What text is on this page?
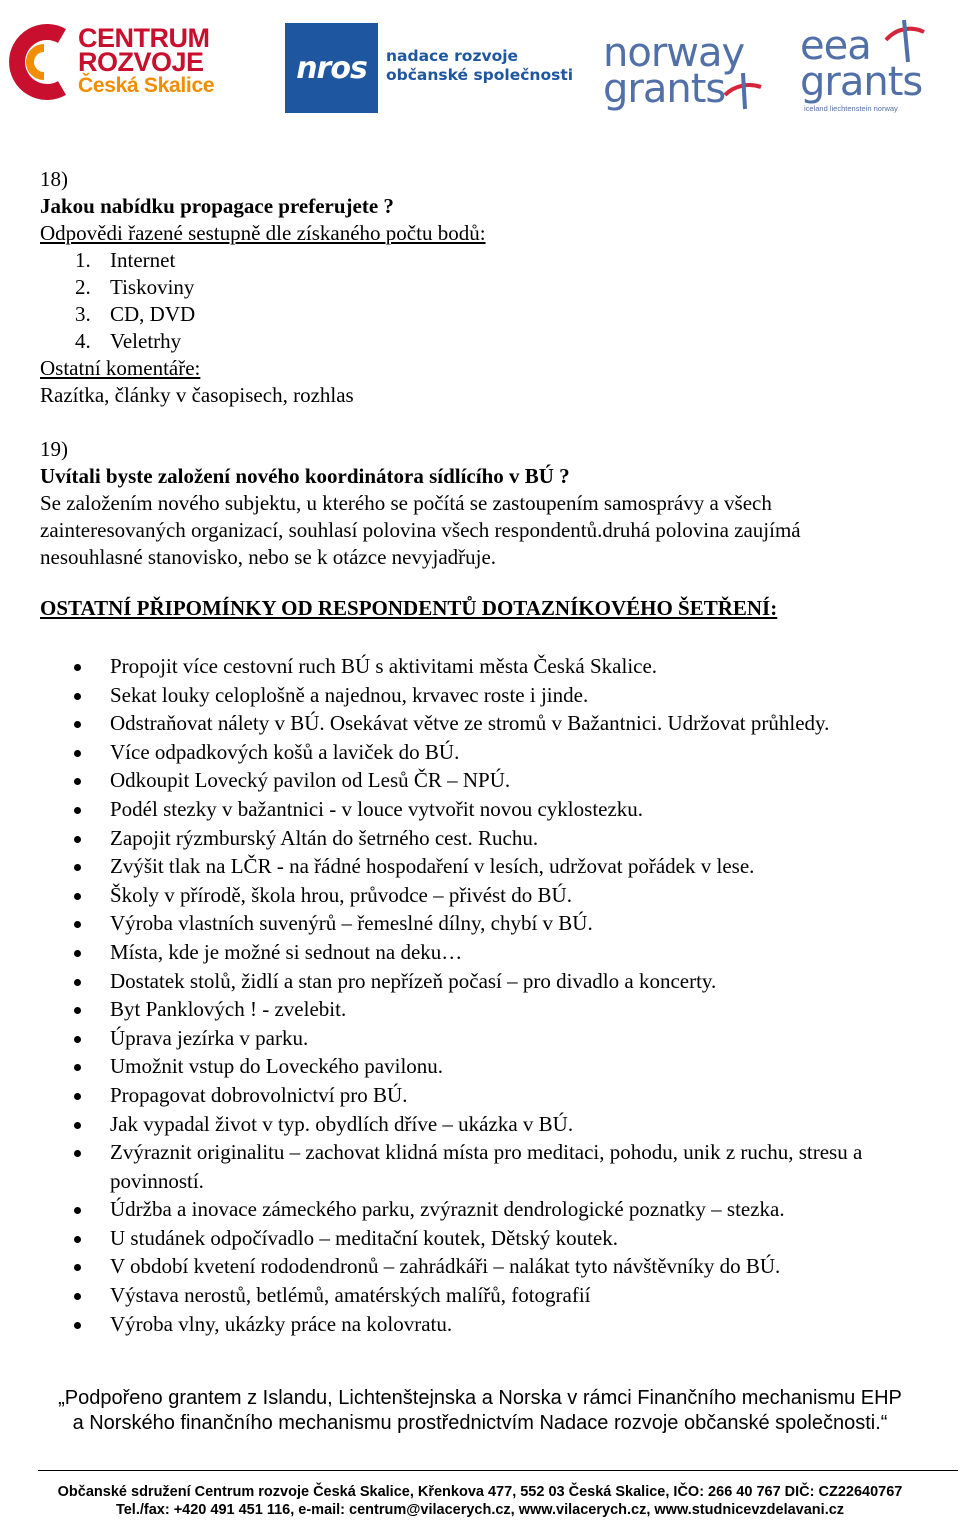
CENTRUM
ROZVOJE
Česká Skalice	nros	nadace rozvoje
občanské společnosti norway
grants
eea
grants
iceland liechtenstein norway
18)
Jakou nabídku propagace preferujete ?
Odpovědi řazené sestupně dle získaného počtu bodů:
1. Internet
2. Tiskoviny
3. CD, DVD
4. Veletrhy
Ostatní komentáře:
Razítka, články v časopisech, rozhlas
19)
Uvítali byste založení nového koordinátora sídlícího v BÚ ?
Se založením nového subjektu, u kterého se počítá se zastoupením samosprávy a všech
zainteresovaných organizací, souhlasí polovina všech respondentů.druhá polovina zaujímá
nesouhlasné stanovisko, nebo se k otázce nevyjadřuje.
OSTATNÍ PŘIPOMÍNKY OD RESPONDENTŮ DOTAZNÍKOVÉHO ŠETŘENÍ:
Propojit více cestovní ruch BÚ s aktivitami města Česká Skalice.
Sekat louky celoplošně a najednou, krvavec roste i jinde.
Odstraňovat nálety v BÚ. Osekávat větve ze stromů v Bažantnici. Udržovat průhledy.
Více odpadkových košů a laviček do BÚ.
Odkoupit Lovecký pavilon od Lesů ČR – NPÚ.
Podél stezky v bažantnici - v louce vytvořit novou cyklostezku.
Zapojit rýzmburský Altán do šetrného cest. Ruchu.
Zvýšit tlak na LČR - na řádné hospodaření v lesích, udržovat pořádek v lese.
Školy v přírodě, škola hrou, průvodce – přivést do BÚ.
Výroba vlastních suvenýrů – řemeslné dílny, chybí v BÚ.
Místa, kde je možné si sednout na deku…
Dostatek stolů, židlí a stan pro nepřízeň počasí – pro divadlo a koncerty.
Byt Panklových ! - zvelebit.
Úprava jezírka v parku.
Umožnit vstup do Loveckého pavilonu.
Propagovat dobrovolnictví pro BÚ.
Jak vypadal život v typ. obydlích dříve – ukázka v BÚ.
Zvýraznit originalitu – zachovat klidná místa pro meditaci, pohodu, unik z ruchu, stresu a povinností.
Údržba a inovace zámeckého parku, zvýraznit dendrologické poznatky – stezka.
U studánek odpočívadlo – meditační koutek, Dětský koutek.
V období kvetení rododendronů – zahrádkáři – nalákat tyto návštěvníky do BÚ.
Výstava nerostů, betlémů, amatérských malířů, fotografií
Výroba vlny, ukázky práce na kolovratu.
„Podpořeno grantem z Islandu, Lichtenštejnska a Norska v rámci Finančního mechanismu EHP
a Norského finančního mechanismu prostřednictvím Nadace rozvoje občanské společnosti.“
Občanské sdružení Centrum rozvoje Česká Skalice, Křenkova 477, 552 03 Česká Skalice, IČO: 266 40 767 DIČ: CZ22640767
Tel./fax: +420 491 451 116, e-mail: centrum@vilacerych.cz, www.vilacerych.cz, www.studnicevzdelavani.cz
